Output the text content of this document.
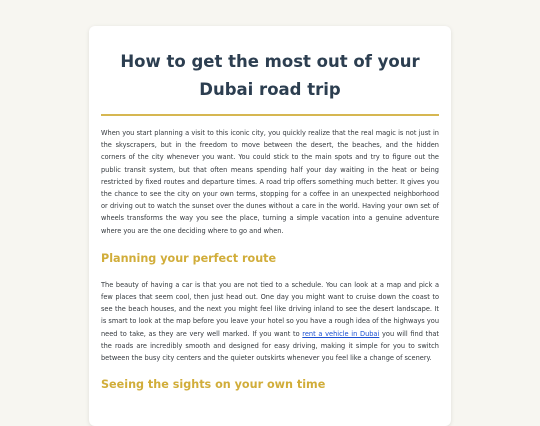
How to get the most out of your Dubai road trip

When you start planning a visit to this iconic city, you quickly realize that the real magic is not just in the skyscrapers, but in the freedom to move between the desert, the beaches, and the hidden corners of the city whenever you want. You could stick to the main spots and try to figure out the public transit system, but that often means spending half your day waiting in the heat or being restricted by fixed routes and departure times. A road trip offers something much better. It gives you the chance to see the city on your own terms, stopping for a coffee in an unexpected neighborhood or driving out to watch the sunset over the dunes without a care in the world. Having your own set of wheels transforms the way you see the place, turning a simple vacation into a genuine adventure where you are the one deciding where to go and when.

Planning your perfect route

The beauty of having a car is that you are not tied to a schedule. You can look at a map and pick a few places that seem cool, then just head out. One day you might want to cruise down the coast to see the beach houses, and the next you might feel like driving inland to see the desert landscape. It is smart to look at the map before you leave your hotel so you have a rough idea of the highways you need to take, as they are very well marked. If you want to rent a vehicle in Dubai you will find that the roads are incredibly smooth and designed for easy driving, making it simple for you to switch between the busy city centers and the quieter outskirts whenever you feel like a change of scenery.

Seeing the sights on your own time
